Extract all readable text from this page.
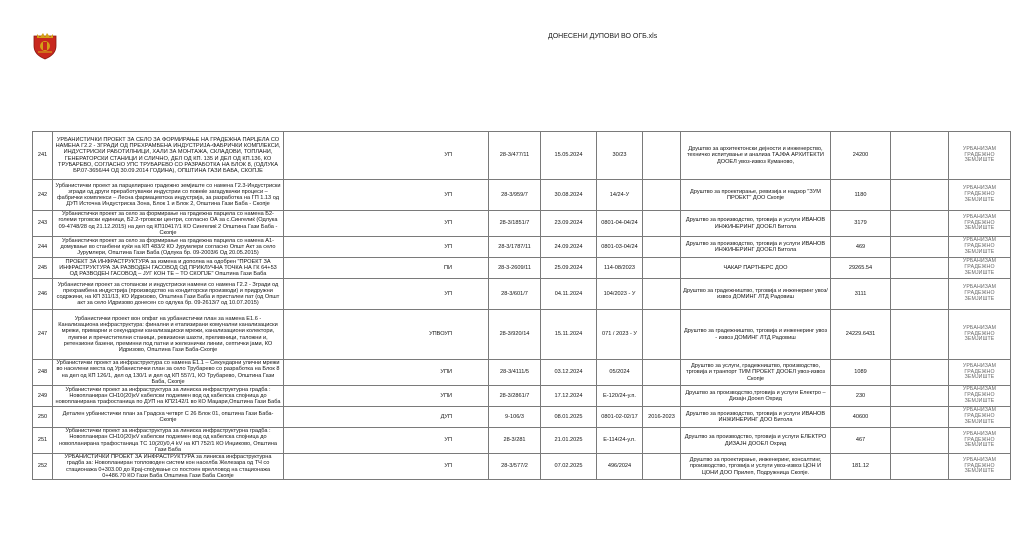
ДОНЕСЕНИ ДУПОВИ ВО ОГБ.xls
241	УРБАНИСТИЧКИ ПРОЕКТ ЗА СЕЛО ЗА ФОРМИРАЊЕ НА ГРАДЕЖНА ПАРЦЕЛА СО НАМЕНА Г2.2 - ЗГРАДИ ОД ПРЕХРАМБЕНА ИНДУСТРИЈА-ФАБРИЧКИ КОМПЛЕКСИ, ИНДУСТРИСКИ РАБОТИЛНИЦИ, ХАЛИ ЗА МОНТАЖА, СКЛАДОВИ, ТОПЛАНИ, ГЕНЕРАТОРСКИ СТАНИЦИ И СЛИЧНО, ДЕЛ ОД КП. 135 И ДЕЛ ОД КП.136, КО ТРУБАРЕВО, СОГЛАСНО УПС ТРУБАРЕВО СО РАЗРАБОТКА НА БЛОК 8, (ОДЛУКА БР.07-3656/44 ОД 30.09.2014 ГОДИНА), ОПШТИНА ГАЗИ БАБА, СКОПЈЕ	УП	28-3/477/11	15.05.2024	30/23		Друштво за архитектонски дејности и инженерство, техничко испитување и анализа ТАЈФА АРХИТЕКТИ ДООЕЛ увоз-извоз Куманово,	24200		УРБАНИЗАМ ГРАДЕЖНО ЗЕМЈИШТЕ	
242	Урбанистички проект за парцелирано градежно земјиште со намена Г2.3-Индустриски згради од други преработувачки индустрии со повеќе загадувачки процеси – фабрички комплекси – Лесна фармацевтска индустрија, за разработка на ГП 1.13 од ДУП Источна Индустриска Зона, Блок 1 и Блок 2, Општина Гази Баба - Скопје	УП	28-3/959/7	30.08.2024	14/24-У		Друштво за проектирање, ревизија и надзор "ЗУМ ПРОЕКТ" ДОО Скопје	1180		УРБАНИЗАМ ГРАДЕЖНО ЗЕМЈИШТЕ	
243	Урбанистички проект за село за формирање на градежна парцела со намена Б2-големи трговски единици, Б2.2-трговски центри, согласно ОА за с.Сингелиќ (Одлука 09-4748/28 од 21.12.2015) на дел од КП10417/1 КО Сингелиќ 2 Општина Гази Баба - Скопје	УП	28-3/1851/7	23.09.2024	0801-04-04/24		Друштво за производство, трговија и услуги ИВАНОВ ИНЖИНЕРИНГ ДООЕЛ Битола	3179		УРБАНИЗАМ ГРАДЕЖНО ЗЕМЈИШТЕ	
244	Урбанистички проект за село за формирање на градежна парцела со намена А1-домување во станбени куќи на КП 483/2 КО Јурумлери согласно Општ Акт за село Јурумлери, Општина Гази Баба (Одлука бр. 09-2003/6 Од 20.05.2015)	УП	28-3/1787/11	24.09.2024	0801-03-04/24		Друштво за производство, трговија и услуги ИВАНОВ ИНЖИНЕРИНГ ДООЕЛ Битола	469		УРБАНИЗАМ ГРАДЕЖНО ЗЕМЈИШТЕ	
245	ПРОЕКТ ЗА ИНФРАСТРУКТУРА за измена и дополна на одобрен "ПРОЕКТ ЗА ИНФРАСТРУКТУРА ЗА РАЗВОДЕН ГАСОВОД ОД ПРИКЛУЧНА ТОЧКА НА ГК 64+53 ОД РАЗВОДЕН ГАСОВОД – ЈУГ КОН ТЕ – ТО СКОПЈЕ" Општина Гази Баба	ПИ	28-3-2609/11	25.09.2024	114-08/2023		ЧАКАР ПАРТНЕРС ДОО	29265.54		УРБАНИЗАМ ГРАДЕЖНО ЗЕМЈИШТЕ	
246	Урбанистички проект за стопански и индустриски намени со намена Г2.2 - Згради од прехрамбена индустрија (производство на кондиторски производи) и придружни содржини, на КП 311/13, КО Идризово, Општина Гази Баба и присталеи пат (од Општ акт за село Идризово донесен со одлука бр. 09-2613/7 од 10.07.2015)	УП	28-3/601/7	04.11.2024	104/2023 - У		Друштво за градежништво, трговија и инженеринг увоз/извоз ДОМИНГ ЛТД Радовиш	3111		УРБАНИЗАМ ГРАДЕЖНО ЗЕМЈИШТЕ	
247	Урбанистички проект вон опфат на урбанистички план за намена Е1.6 - Канализациона инфраструктура: финални и етапизирани комунални канализациски мрежи, примарни и секундарни канализациски мрежи, канализациони колектори, пумпни и пречистителни станици, ревизиони шахти, преливници, таложни и, ретензиони базени, преминни под патни и железнички линии, септички јами, КО Идризово, Општина Гази Баба-Скопје	УПВОУП	28-3/920/14	15.11.2024	071 / 2023 - У		Друштво за градежништво, трговија и инженеринг увоз - извоз ДОМИНГ ЛТД Радовиш	24229.6431		УРБАНИЗАМ ГРАДЕЖНО ЗЕМЈИШТЕ	
248	Урбанистички проект за инфраструктура со намена Е1.1 – Секундарни улични мрежи во населени места од Урбанистички план за село Трубарево со разработка на Блок 8 на дел од КП 126/1, дел од 130/1 и дел од КП 557/1, КО Трубарево, Општина Гази Баба, Скопје	УПИ	28-3/4111/5	03.12.2024	05/2024		Друштво за услуги, градежништво, производство, трговија и транпорт ТИМ ПРОЕКТ ДООЕЛ увоз-извоз Скопје	1089		УРБАНИЗАМ ГРАДЕЖНО ЗЕМЈИШТЕ	
249	Урбанистички проект за инфраструктура за линиска инфраструктурна градба : Новопланиран СН10(20)кV кабелски подземен вод од кабелска спојница до новопланирана трафостаница по ДУП на КП2142/1 во КО Маџари,Општина Гази Баба	УПИ	28-3/2861/7	17.12.2024	Е-120/24-у.п.		Друштво за производство,трговија и услуги Електро – Дизајн Дооел Охрид	230		УРБАНИЗАМ ГРАДЕЖНО ЗЕМЈИШТЕ	
250	Детален урбанистички план за Градска четврт С 26 Блок 01, општина Гази Баба-Скопје	ДУП	9-106/3	08.01.2025	0801-02-02/17	2016-2023	Друштво за производство, трговија и услуги ИВАНОВ ИНЖИНЕРИНГ ДОО Битола	40600		УРБАНИЗАМ ГРАДЕЖНО ЗЕМЈИШТЕ	
251	Урбанистички проект за инфраструктура за линиска инфраструктурна градба : Новопланиран СН10(20)кV кабелски подземен вод од кабелска спојница до новопланирана трафостаница ТС 10(20)/0,4 kV на КП 752/1 КО Инџиково, Општина Гази Баба	УП	28-3/281	21.01.2025	Е-114/24-у.п.		Друштво за производство, трговија и услуги ЕЛЕКТРО ДИЗАЈН ДООЕЛ Охрид	467		УРБАНИЗАМ ГРАДЕЖНО ЗЕМЈИШТЕ	
252	УРБАНИСТИЧКИ ПРОЕКТ ЗА ИНФРАСТРУКТУРА за линиска инфраструктурна градба за: Новопланиран топловоден систем кон населба Железара од ТЧ со стационажа 0+303.00 до Крај-спојување со постоен врелловод на стационажа 0+486.70 КО Гази Баба Општина Гази Баба Скопје	УП	28-3/577/2	07.02.2025	496/2024		Друштво за проектирање, инженеринг, консалтинг, производство, трговија и услуги увоз-извоз ЦОН И ЦОНИ ДОО Прилеп, Подружница Скопје.	181.12		УРБАНИЗАМ ГРАДЕЖНО ЗЕМЈИШТЕ	
